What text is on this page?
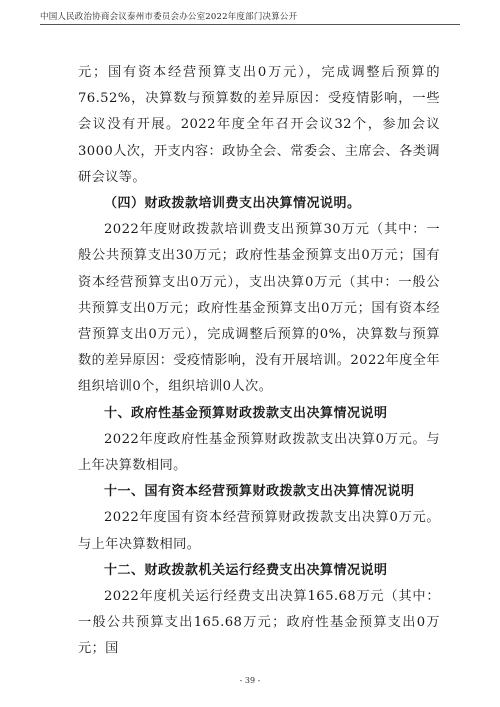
中国人民政治协商会议泰州市委员会办公室2022年度部门决算公开

元；国有资本经营预算支出0万元），完成调整后预算的76.52%，决算数与预算数的差异原因：受疫情影响，一些会议没有开展。2022年度全年召开会议32个，参加会议3000人次，开支内容：政协全会、常委会、主席会、各类调研会议等。

（四）财政拨款培训费支出决算情况说明。

2022年度财政拨款培训费支出预算30万元（其中：一般公共预算支出30万元；政府性基金预算支出0万元；国有资本经营预算支出0万元），支出决算0万元（其中：一般公共预算支出0万元；政府性基金预算支出0万元；国有资本经营预算支出0万元），完成调整后预算的0%，决算数与预算数的差异原因：受疫情影响，没有开展培训。2022年度全年组织培训0个，组织培训0人次。

十、政府性基金预算财政拨款支出决算情况说明

2022年度政府性基金预算财政拨款支出决算0万元。与上年决算数相同。

十一、国有资本经营预算财政拨款支出决算情况说明

2022年度国有资本经营预算财政拨款支出决算0万元。与上年决算数相同。

十二、财政拨款机关运行经费支出决算情况说明

2022年度机关运行经费支出决算165.68万元（其中：一般公共预算支出165.68万元；政府性基金预算支出0万元；国

- 39 -
